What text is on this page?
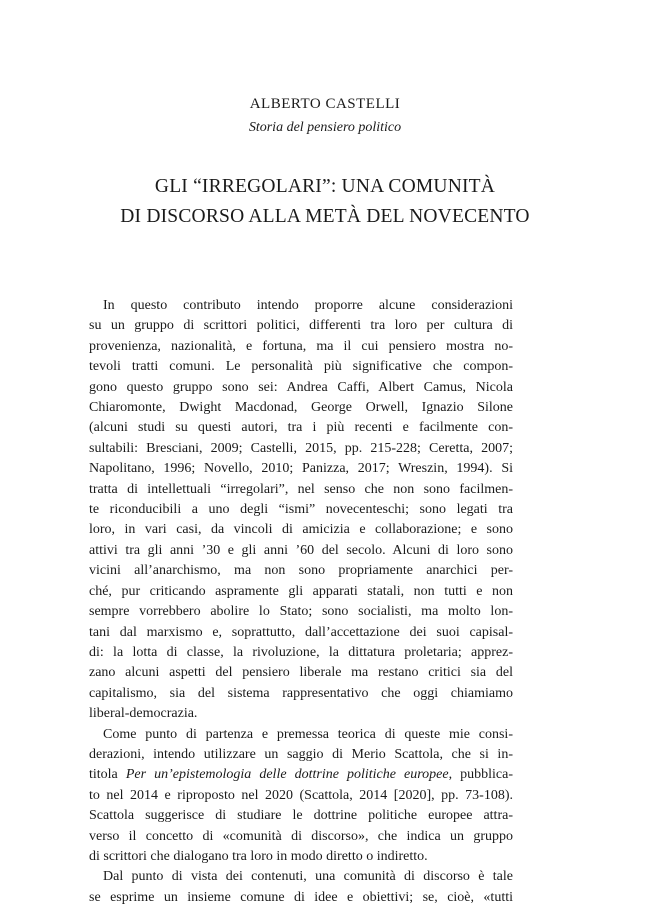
ALBERTO CASTELLI
Storia del pensiero politico
GLI “IRREGOLARI”: UNA COMUNITÀ
DI DISCORSO ALLA METÀ DEL NOVECENTO
In questo contributo intendo proporre alcune considerazioni
su un gruppo di scrittori politici, differenti tra loro per cultura di
provenienza, nazionalità, e fortuna, ma il cui pensiero mostra no-
tevoli tratti comuni. Le personalità più significative che compon-
gono questo gruppo sono sei: Andrea Caffi, Albert Camus, Nicola
Chiaromonte, Dwight Macdonad, George Orwell, Ignazio Silone
(alcuni studi su questi autori, tra i più recenti e facilmente con-
sultabili: Bresciani, 2009; Castelli, 2015, pp. 215-228; Ceretta, 2007;
Napolitano, 1996; Novello, 2010; Panizza, 2017; Wreszin, 1994). Si
tratta di intellettuali “irregolari”, nel senso che non sono facilmen-
te riconducibili a uno degli “ismi” novecenteschi; sono legati tra
loro, in vari casi, da vincoli di amicizia e collaborazione; e sono
attivi tra gli anni ’30 e gli anni ’60 del secolo. Alcuni di loro sono
vicini all’anarchismo, ma non sono propriamente anarchici per-
ché, pur criticando aspramente gli apparati statali, non tutti e non
sempre vorrebbero abolire lo Stato; sono socialisti, ma molto lon-
tani dal marxismo e, soprattutto, dall’accettazione dei suoi capisal-
di: la lotta di classe, la rivoluzione, la dittatura proletaria; apprez-
zano alcuni aspetti del pensiero liberale ma restano critici sia del
capitalismo, sia del sistema rappresentativo che oggi chiamiamo
liberal-democrazia.
Come punto di partenza e premessa teorica di queste mie consi-
derazioni, intendo utilizzare un saggio di Merio Scattola, che si in-
titola Per un’epistemologia delle dottrine politiche europee, pubblica-
to nel 2014 e riproposto nel 2020 (Scattola, 2014 [2020], pp. 73-108).
Scattola suggerisce di studiare le dottrine politiche europee attra-
verso il concetto di «comunità di discorso», che indica un gruppo
di scrittori che dialogano tra loro in modo diretto o indiretto.
Dal punto di vista dei contenuti, una comunità di discorso è tale
se esprime un insieme comune di idee e obiettivi; se, cioè, «tutti
